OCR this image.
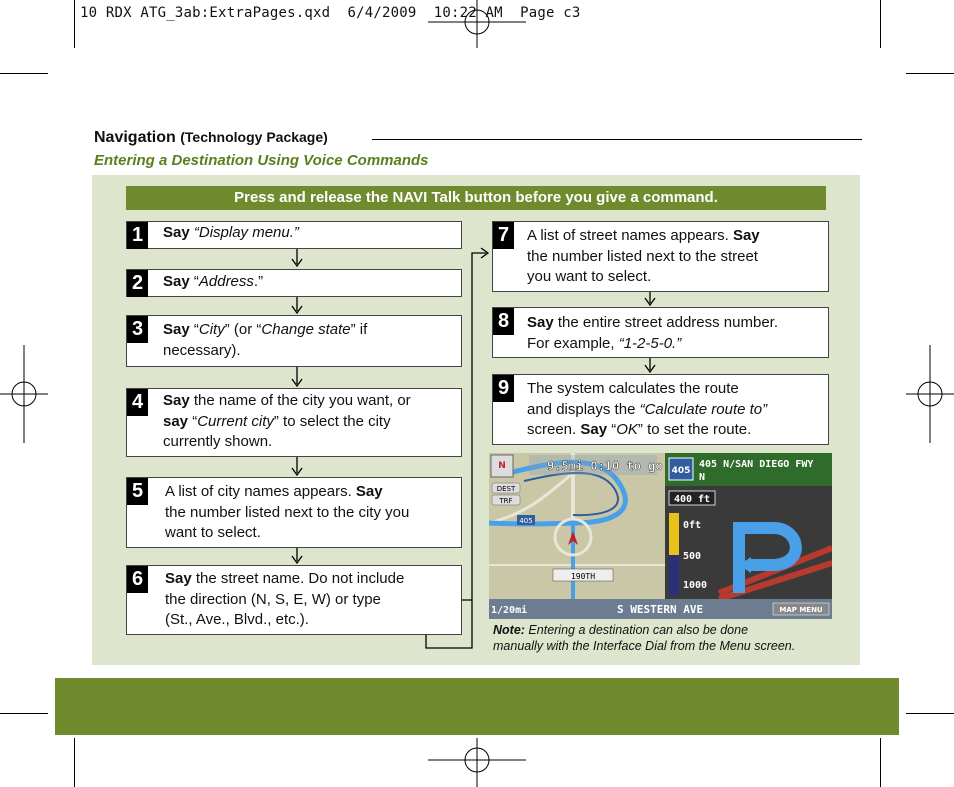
10 RDX ATG_3ab:ExtraPages.qxd  6/4/2009  10:22 AM  Page c3
Navigation (Technology Package)
Entering a Destination Using Voice Commands
Press and release the NAVI Talk button before you give a command.
1	Say “Display menu.”
2	Say “Address.”
3	Say “City” (or “Change state” if
necessary).
4	Say the name of the city you want, or
say “Current city” to select the city
currently shown.
5	A list of city names appears. Say
the number listed next to the city you
want to select.
6	Say the street name. Do not include
the direction (N, S, E, W) or type
(St., Ave., Blvd., etc.).
7	A list of street names appears. Say
the number listed next to the street
you want to select.
8	Say the entire street address number.
For example, “1-2-5-0.”
9	The system calculates the route
and displays the “Calculate route to”
screen. Say “OK” to set the route.
N	9.5mi 0:10 to go
DEST
TRF
405
190TH
405
405 N/SAN DIEGO FWY
N
400 ft
0ft
500
1000
1/20mi	S WESTERN AVE	MAP MENU
Note: Entering a destination can also be done
manually with the Interface Dial from the Menu screen.
